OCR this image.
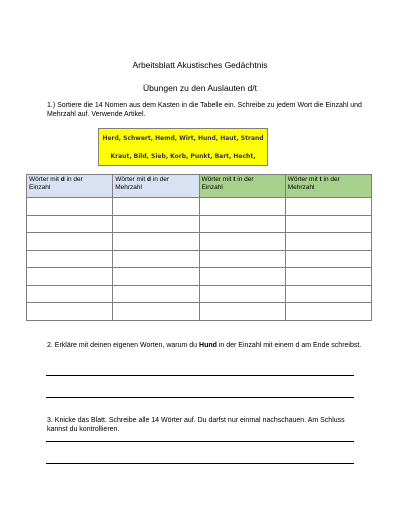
Arbeitsblatt Akustisches Gedächtnis
Übungen zu den Auslauten d/t
1.) Sortiere die 14 Nomen aus dem Kasten in die Tabelle ein. Schreibe zu jedem Wort die Einzahl und Mehrzahl auf. Verwende Artikel.
Herd, Schwert, Hemd, Wirt, Hund, Haut, Strand
Kraut, Bild, Sieb, Korb, Punkt, Bart, Hecht,
Wörter mit d in der
Einzahl	Wörter mit d in der
Mehrzahl	Wörter mit t in der
Einzahl	Wörter mit t in der
Mehrzahl

2. Erkläre mit deinen eigenen Worten, warum du Hund in der Einzahl mit einem d am Ende schreibst.
3. Knicke das Blatt. Schreibe alle 14 Wörter auf. Du darfst nur einmal nachschauen. Am Schluss kannst du kontrollieren.
